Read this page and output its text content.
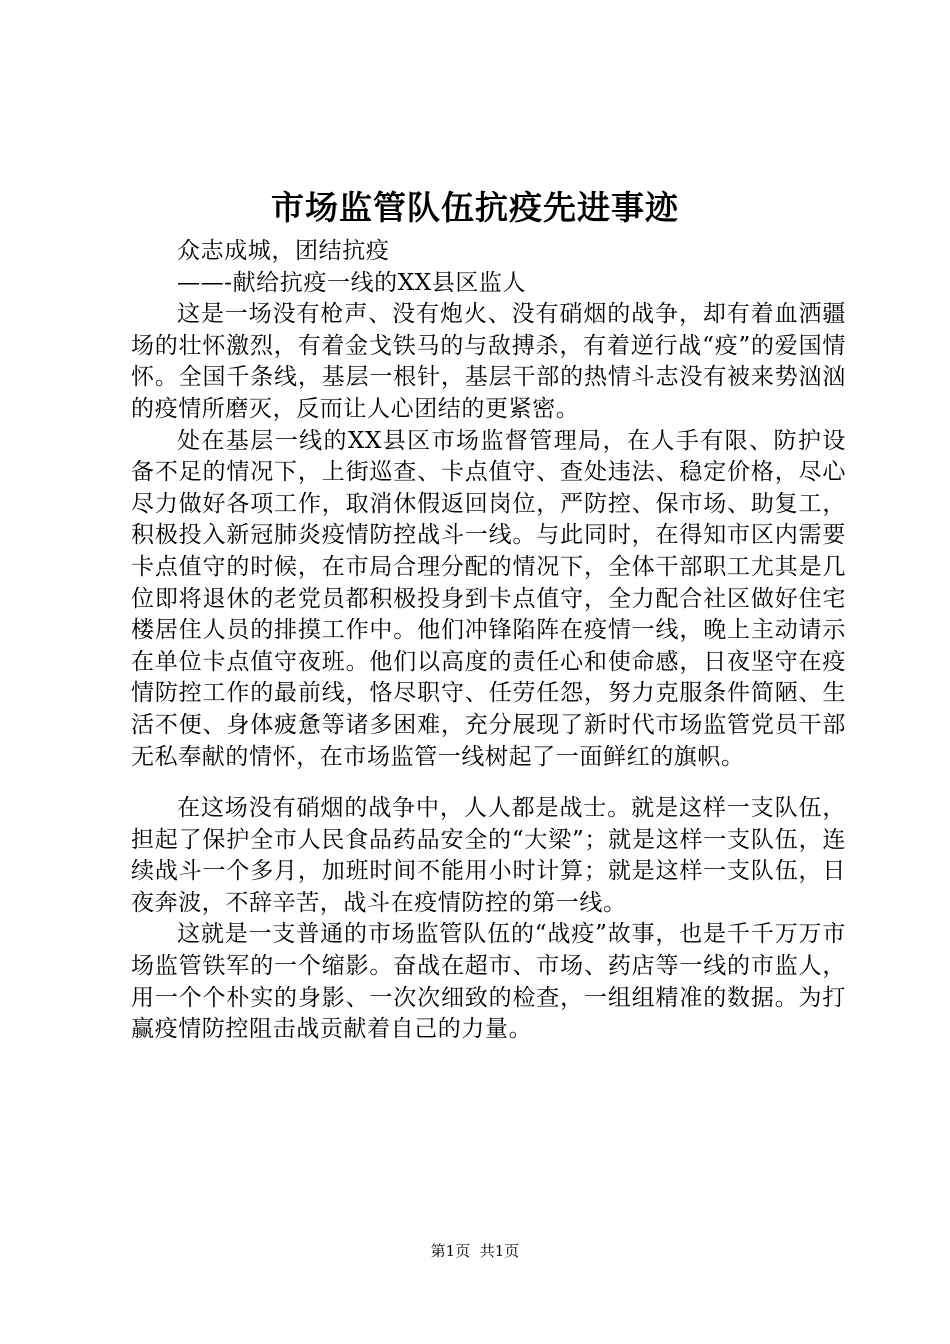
市场监管队伍抗疫先进事迹

众志成城，团结抗疫

——-献给抗疫一线的XX县区监人

这是一场没有枪声、没有炮火、没有硝烟的战争，却有着血洒疆场的壮怀激烈，有着金戈铁马的与敌搏杀，有着逆行战“疫”的爱国情怀。全国千条线，基层一根针，基层干部的热情斗志没有被来势汹汹的疫情所磨灭，反而让人心团结的更紧密。

处在基层一线的XX县区市场监督管理局，在人手有限、防护设备不足的情况下，上街巡查、卡点值守、查处违法、稳定价格，尽心尽力做好各项工作，取消休假返回岗位，严防控、保市场、助复工，积极投入新冠肺炎疫情防控战斗一线。与此同时，在得知市区内需要卡点值守的时候，在市局合理分配的情况下，全体干部职工尤其是几位即将退休的老党员都积极投身到卡点值守，全力配合社区做好住宅楼居住人员的排摸工作中。他们冲锋陷阵在疫情一线，晚上主动请示在单位卡点值守夜班。他们以高度的责任心和使命感，日夜坚守在疫情防控工作的最前线，恪尽职守、任劳任怨，努力克服条件简陋、生活不便、身体疲惫等诸多困难，充分展现了新时代市场监管党员干部无私奉献的情怀，在市场监管一线树起了一面鲜红的旗帜。

在这场没有硝烟的战争中，人人都是战士。就是这样一支队伍，担起了保护全市人民食品药品安全的“大梁”；就是这样一支队伍，连续战斗一个多月，加班时间不能用小时计算；就是这样一支队伍，日夜奔波，不辞辛苦，战斗在疫情防控的第一线。

这就是一支普通的市场监管队伍的“战疫”故事，也是千千万万市场监管铁军的一个缩影。奋战在超市、市场、药店等一线的市监人，用一个个朴实的身影、一次次细致的检查，一组组精准的数据。为打赢疫情防控阻击战贡献着自己的力量。

第1页 共1页
